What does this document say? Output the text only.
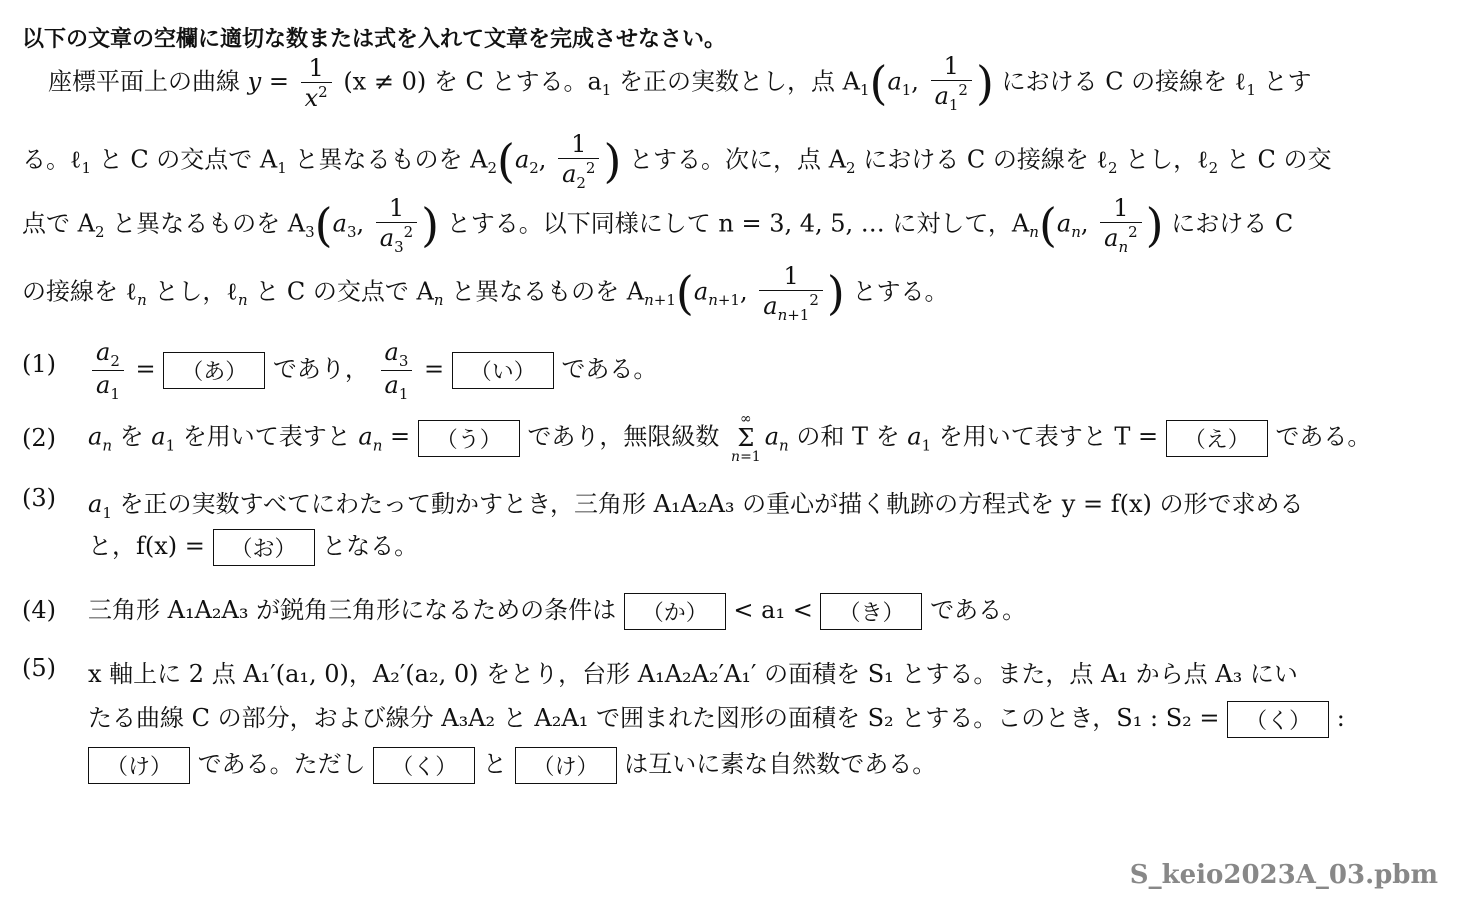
以下の文章の空欄に適切な数または式を入れて文章を完成させなさい。
座標平面上の曲線 $y = \frac{1}{x^2} (x \ne 0)$ を C とする。$a_1$ を正の実数とし，点 $A_1(a_1$, $\frac{1}{a_1^2}$ ) における C の接線を ℓ$_1$ とす
る。ℓ$_1$ と C の交点で $A_1$ と異なるものを $A_2(a_2$, $\frac{1}{a_2^2}$ ) とする。次に，点 $A_2$ における C の接線を ℓ$_2$ とし，ℓ$_2$ と C の交
点で $A_2$ と異なるものを $A_3(a_3$, $\frac{1}{a_3^2}$ ) とする。以下同様にして n = 3, 4, 5, … に対して，$A_n(a_n$, $\frac{1}{a_n^2}$ ) における C
の接線を ℓ$_n$ とし，ℓ$_n$ と C の交点で $A_n$ と異なるものを $A_{n+1}(a_{n+1}$, $\frac{1}{a_{n+1}^2}$ ) とする。
$(1) \frac{a_2}{a_1}$ = （あ） であり， $\frac{a_3}{a_1}$ = （い） である。
(2) $a_n$ を $a_1$ を用いて表すと $a_n$ = （う） であり，無限級数
∞
Σ
n=1
$a_n$ の和 T を $a_1$ を用いて表すと T = （え） である。
(3) $a_1$ を正の実数すべてにわたって動かすとき，三角形 A₁A₂A₃ の重心が描く軌跡の方程式を y = f(x) の形で求める
と，f(x) = （お） となる。
(4) 三角形 A₁A₂A₃ が鋭角三角形になるための条件は （か） < a₁ < （き） である。
(5) x 軸上に 2 点 A₁′(a₁, 0)，A₂′(a₂, 0) をとり，台形 A₁A₂A₂′A₁′ の面積を S₁ とする。また，点 A₁ から点 A₃ にい
たる曲線 C の部分，および線分 A₃A₂ と A₂A₁ で囲まれた図形の面積を S₂ とする。このとき，S₁ : S₂ = （く） :
（け） である。ただし （く） と （け） は互いに素な自然数である。
S_keio2023A_03.pbm
